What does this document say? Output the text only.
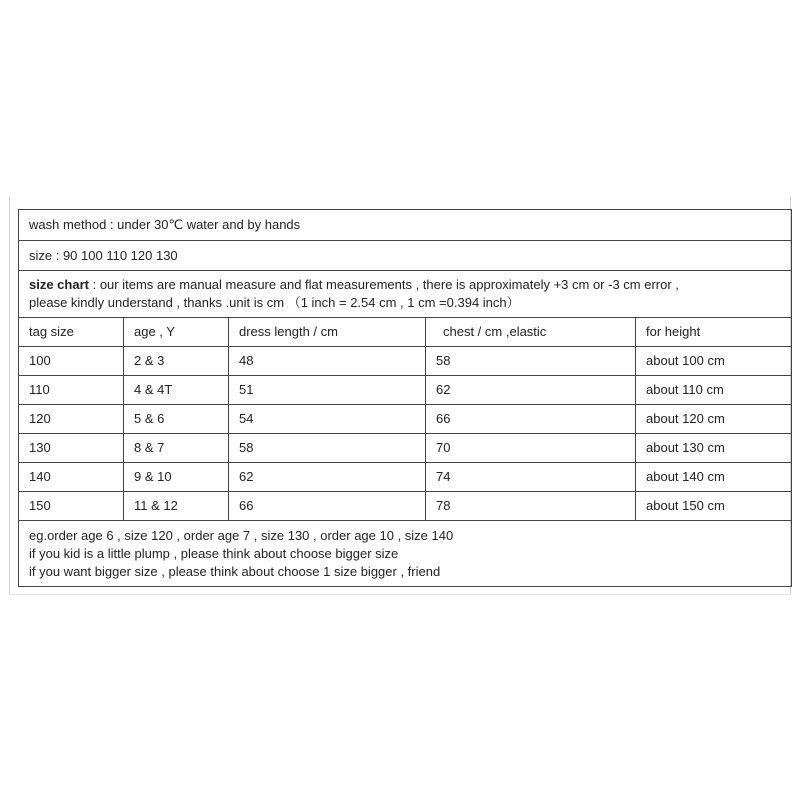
wash method : under 30℃ water and by hands				
size : 90 100 110 120 130				

size chart : our items are manual measure and flat measurements , there is approximately +3 cm or -3 cm error ,
please kindly understand , thanks .unit is cm （1 inch = 2.54 cm , 1 cm =0.394 inch）				

tag size	age , Y	dress length / cm	chest / cm ,elastic	for height
100	2 & 3	48	58	about 100 cm
110	4 & 4T	51	62	about 110 cm
120	5 & 6	54	66	about 120 cm
130	8 & 7	58	70	about 130 cm
140	9 & 10	62	74	about 140 cm
150	11 & 12	66	78	about 150 cm

eg.order age 6 , size 120 , order age 7 , size 130 , order age 10 , size 140
if you kid is a little plump , please think about choose bigger size
if you want bigger size , please think about choose 1 size bigger , friend				
